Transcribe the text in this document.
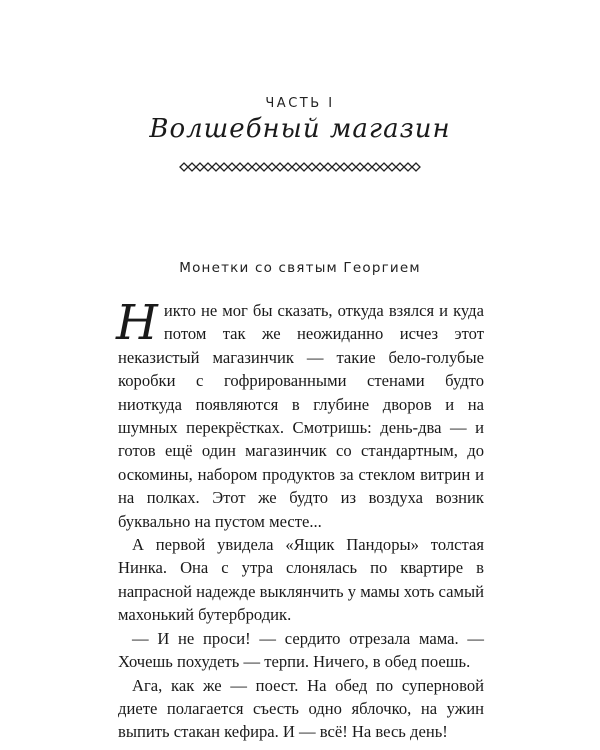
ЧАСТЬ I
Волшебный магазин
Монетки со святым Георгием

Никто не мог бы сказать, откуда взялся и куда потом так же неожиданно исчез этот неказистый магазинчик — такие бело-голубые коробки с гофрированными стенами будто ниоткуда появляются в глубине дворов и на шумных перекрёстках. Смотришь: день-два — и готов ещё один магазинчик со стандартным, до оскомины, набором продуктов за стеклом витрин и на полках. Этот же будто из воздуха возник буквально на пустом месте...

А первой увидела «Ящик Пандоры» толстая Нинка. Она с утра слонялась по квартире в напрасной надежде выклянчить у мамы хоть самый махонький бутербродик.

— И не проси! — сердито отрезала мама. — Хочешь похудеть — терпи. Ничего, в обед поешь.

Ага, как же — поест. На обед по суперновой диете полагается съесть одно яблочко, на ужин выпить стакан кефира. И — всё! На весь день!
